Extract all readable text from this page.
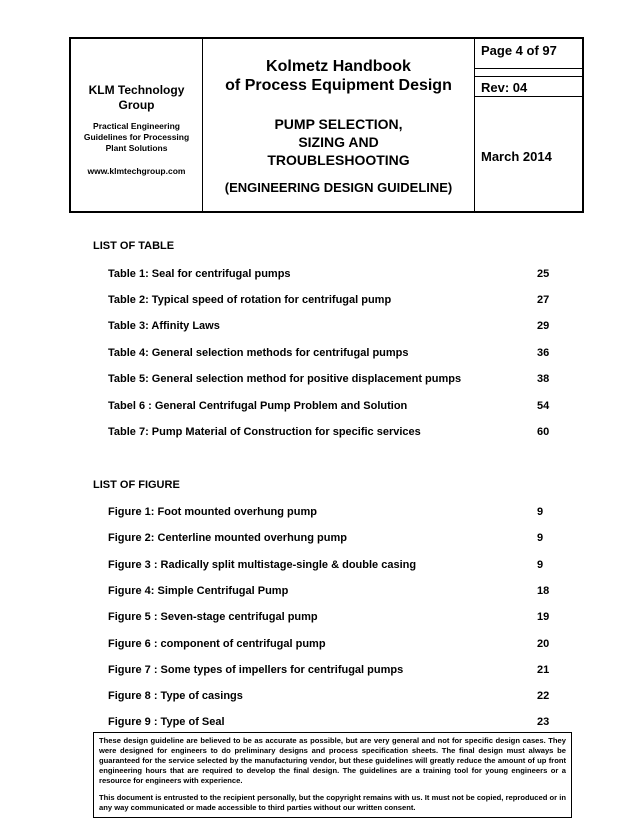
KLM Technology
Group
Practical Engineering
Guidelines for Processing
Plant Solutions
www.klmtechgroup.com
Kolmetz Handbook
of Process Equipment Design
PUMP SELECTION,
SIZING AND
TROUBLESHOOTING
(ENGINEERING DESIGN GUIDELINE)
Page 4 of 97
Rev: 04
March 2014
LIST OF TABLE
Table 1: Seal for centrifugal pumps	25
Table 2: Typical speed of rotation for centrifugal pump	27
Table 3: Affinity Laws	29
Table 4: General selection methods for centrifugal pumps	36
Table 5: General selection method for positive displacement pumps	38
Tabel 6 : General Centrifugal Pump Problem and Solution	54
Table 7: Pump Material of Construction for specific services	60
LIST OF FIGURE
Figure 1: Foot mounted overhung pump	9
Figure 2: Centerline mounted overhung pump	9
Figure 3 : Radically split multistage-single & double casing	9
Figure 4: Simple Centrifugal Pump	18
Figure 5 : Seven-stage centrifugal pump	19
Figure 6 : component of centrifugal pump	20
Figure 7 : Some types of impellers for centrifugal pumps	21
Figure 8 : Type of casings	22
Figure 9 : Type of Seal	23

These design guideline are believed to be as accurate as possible, but are very general and not for specific design cases. They were designed for engineers to do preliminary designs and process specification sheets. The final design must always be guaranteed for the service selected by the manufacturing vendor, but these guidelines will greatly reduce the amount of up front engineering hours that are required to develop the final design. The guidelines are a training tool for young engineers or a resource for engineers with experience.

This document is entrusted to the recipient personally, but the copyright remains with us. It must not be copied, reproduced or in any way communicated or made accessible to third parties without our written consent.
